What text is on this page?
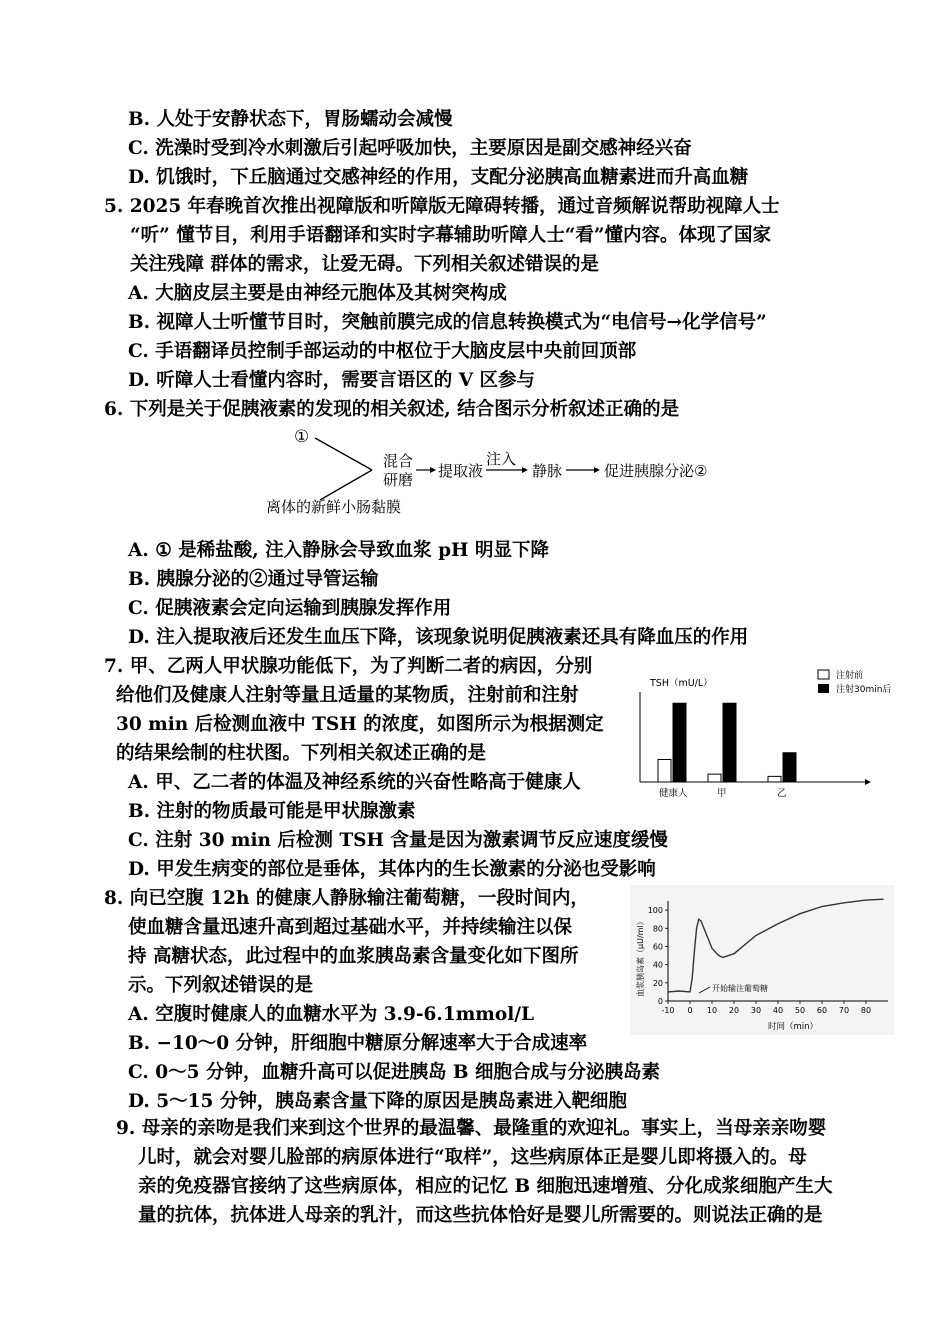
B. 人处于安静状态下，胃肠蠕动会减慢
C. 洗澡时受到冷水刺激后引起呼吸加快，主要原因是副交感神经兴奋
D. 饥饿时，下丘脑通过交感神经的作用，支配分泌胰高血糖素进而升高血糖
5. 2025 年春晚首次推出视障版和听障版无障碍转播，通过音频解说帮助视障人士
“听” 懂节目，利用手语翻译和实时字幕辅助听障人士“看”懂内容。体现了国家
关注残障 群体的需求，让爱无碍。下列相关叙述错误的是
A. 大脑皮层主要是由神经元胞体及其树突构成
B. 视障人士听懂节目时，突触前膜完成的信息转换模式为“电信号→化学信号”
C. 手语翻译员控制手部运动的中枢位于大脑皮层中央前回顶部
D. 听障人士看懂内容时，需要言语区的 V 区参与
6. 下列是关于促胰液素的发现的相关叙述, 结合图示分析叙述正确的是
①
混合
研磨 提取液
注入
静脉	促进胰腺分泌②
离体的新鲜小肠黏膜
A. ① 是稀盐酸, 注入静脉会导致血浆 pH 明显下降
B. 胰腺分泌的②通过导管运输
C. 促胰液素会定向运输到胰腺发挥作用
D. 注入提取液后还发生血压下降，该现象说明促胰液素还具有降血压的作用
7. 甲、乙两人甲状腺功能低下，为了判断二者的病因，分别
给他们及健康人注射等量且适量的某物质，注射前和注射
30 min 后检测血液中 TSH 的浓度，如图所示为根据测定
的结果绘制的柱状图。下列相关叙述正确的是
A. 甲、乙二者的体温及神经系统的兴奋性略高于健康人
B. 注射的物质最可能是甲状腺激素
C. 注射 30 min 后检测 TSH 含量是因为激素调节反应速度缓慢
D. 甲发生病变的部位是垂体，其体内的生长激素的分泌也受影响
TSH（mU/L）
注射前
注射30min后
健康人	甲	乙
8. 向已空腹 12h 的健康人静脉输注葡萄糖，一段时间内，
使血糖含量迅速升高到超过基础水平，并持续输注以保
持 高糖状态，此过程中的血浆胰岛素含量变化如下图所
示。下列叙述错误的是
A. 空腹时健康人的血糖水平为 3.9-6.1mmol/L
B. −10～0 分钟，肝细胞中糖原分解速率大于合成速率
C. 0～5 分钟，血糖升高可以促进胰岛 B 细胞合成与分泌胰岛素
D. 5～15 分钟，胰岛素含量下降的原因是胰岛素进入靶细胞
血浆胰岛素（μU/ml）
-10 0 10 20 30 40 50 60 70 80
0
20
40
60
80
100
开始输注葡萄糖
时间（min）
9. 母亲的亲吻是我们来到这个世界的最温馨、最隆重的欢迎礼。事实上，当母亲亲吻婴
儿时，就会对婴儿脸部的病原体进行“取样”，这些病原体正是婴儿即将摄入的。母
亲的免疫器官接纳了这些病原体，相应的记忆 B 细胞迅速增殖、分化成浆细胞产生大
量的抗体，抗体进人母亲的乳汁，而这些抗体恰好是婴儿所需要的。则说法正确的是
